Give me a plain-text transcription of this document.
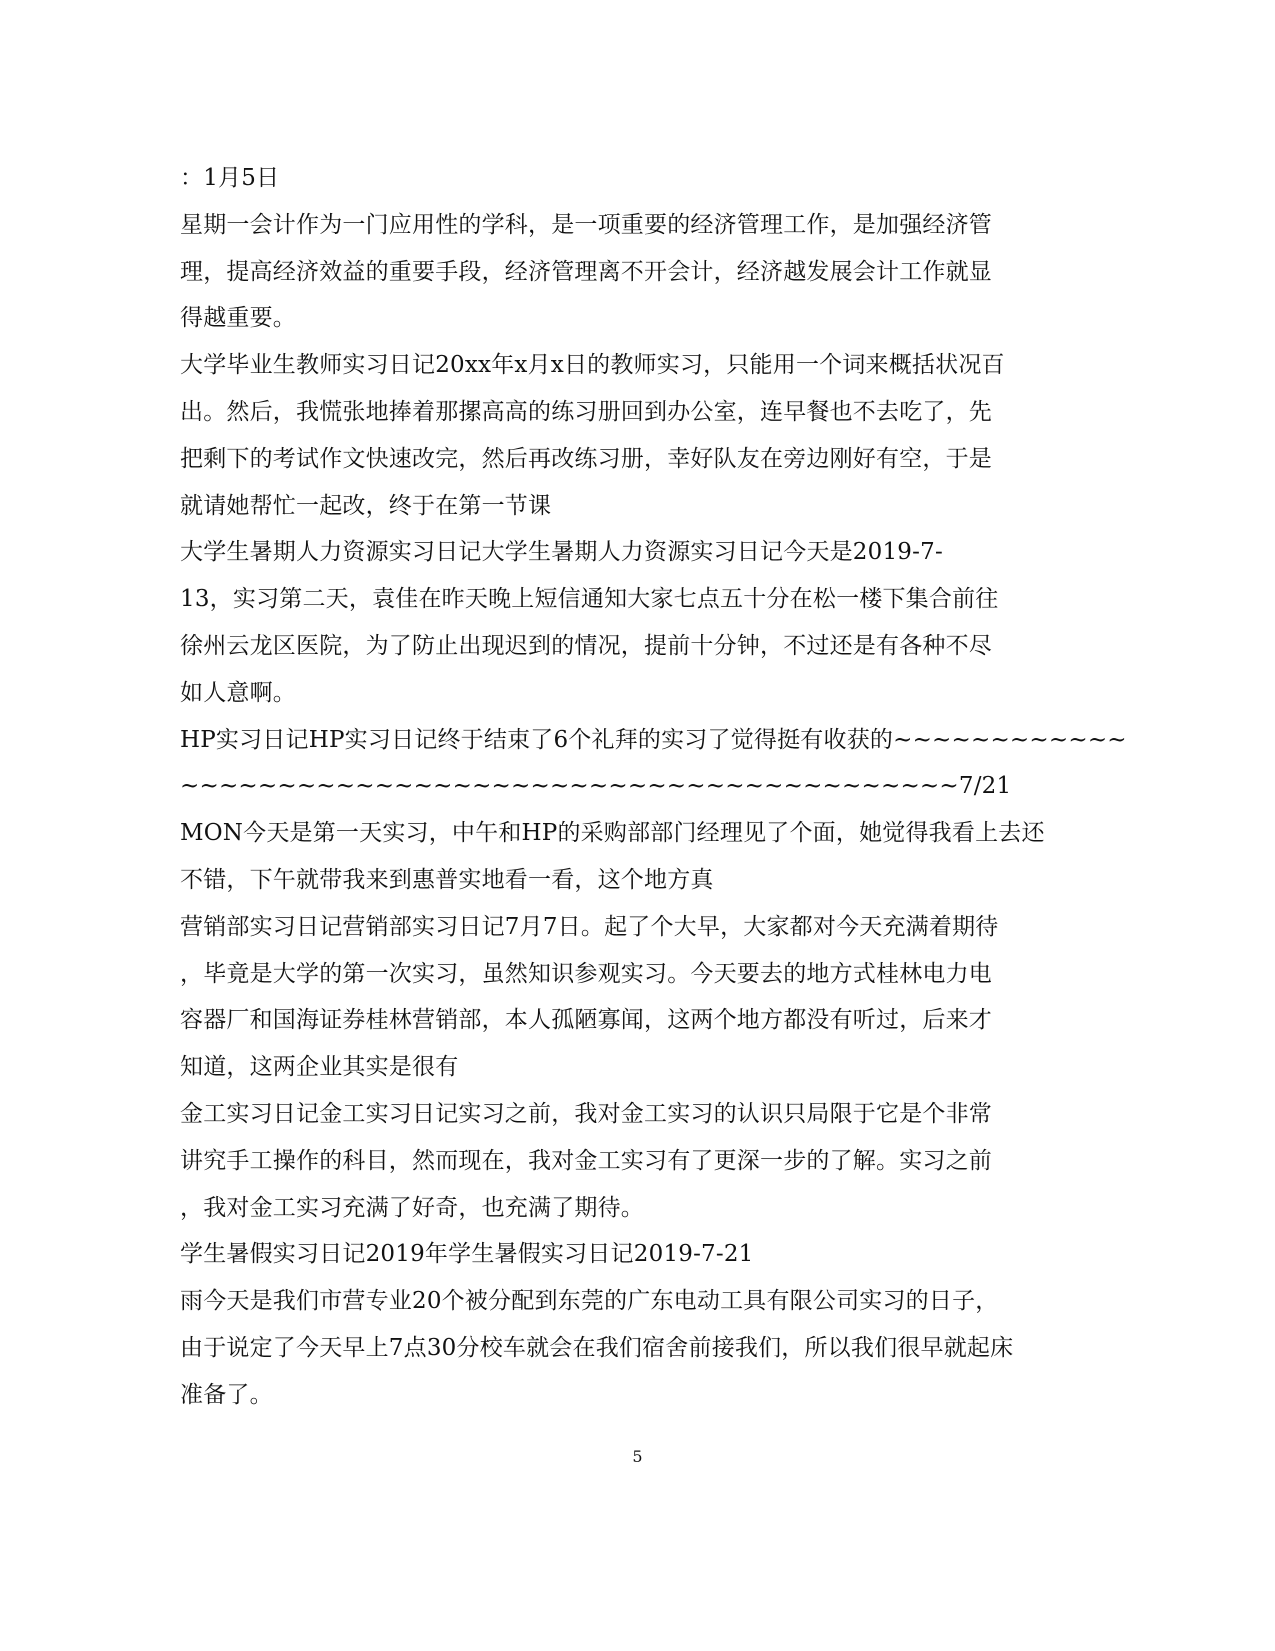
：1月5日
星期一会计作为一门应用性的学科，是一项重要的经济管理工作，是加强经济管
理，提高经济效益的重要手段，经济管理离不开会计，经济越发展会计工作就显
得越重要。
大学毕业生教师实习日记20xx年x月x日的教师实习，只能用一个词来概括状况百
出。然后，我慌张地捧着那摞高高的练习册回到办公室，连早餐也不去吃了，先
把剩下的考试作文快速改完，然后再改练习册，幸好队友在旁边刚好有空，于是
就请她帮忙一起改，终于在第一节课
大学生暑期人力资源实习日记大学生暑期人力资源实习日记今天是2019-7-
13，实习第二天，袁佳在昨天晚上短信通知大家七点五十分在松一楼下集合前往
徐州云龙区医院，为了防止出现迟到的情况，提前十分钟，不过还是有各种不尽
如人意啊。
HP实习日记HP实习日记终于结束了6个礼拜的实习了觉得挺有收获的~~~~~~~~~~~~
~~~~~~~~~~~~~~~~~~~~~~~~~~~~~~~~~~~~~~~~7/21
MON今天是第一天实习，中午和HP的采购部部门经理见了个面，她觉得我看上去还
不错，下午就带我来到惠普实地看一看，这个地方真
营销部实习日记营销部实习日记7月7日。起了个大早，大家都对今天充满着期待
，毕竟是大学的第一次实习，虽然知识参观实习。今天要去的地方式桂林电力电
容器厂和国海证券桂林营销部，本人孤陋寡闻，这两个地方都没有听过，后来才
知道，这两企业其实是很有
金工实习日记金工实习日记实习之前，我对金工实习的认识只局限于它是个非常
讲究手工操作的科目，然而现在，我对金工实习有了更深一步的了解。实习之前
，我对金工实习充满了好奇，也充满了期待。
学生暑假实习日记2019年学生暑假实习日记2019-7-21
雨今天是我们市营专业20个被分配到东莞的广东电动工具有限公司实习的日子，
由于说定了今天早上7点30分校车就会在我们宿舍前接我们，所以我们很早就起床
准备了。
5
